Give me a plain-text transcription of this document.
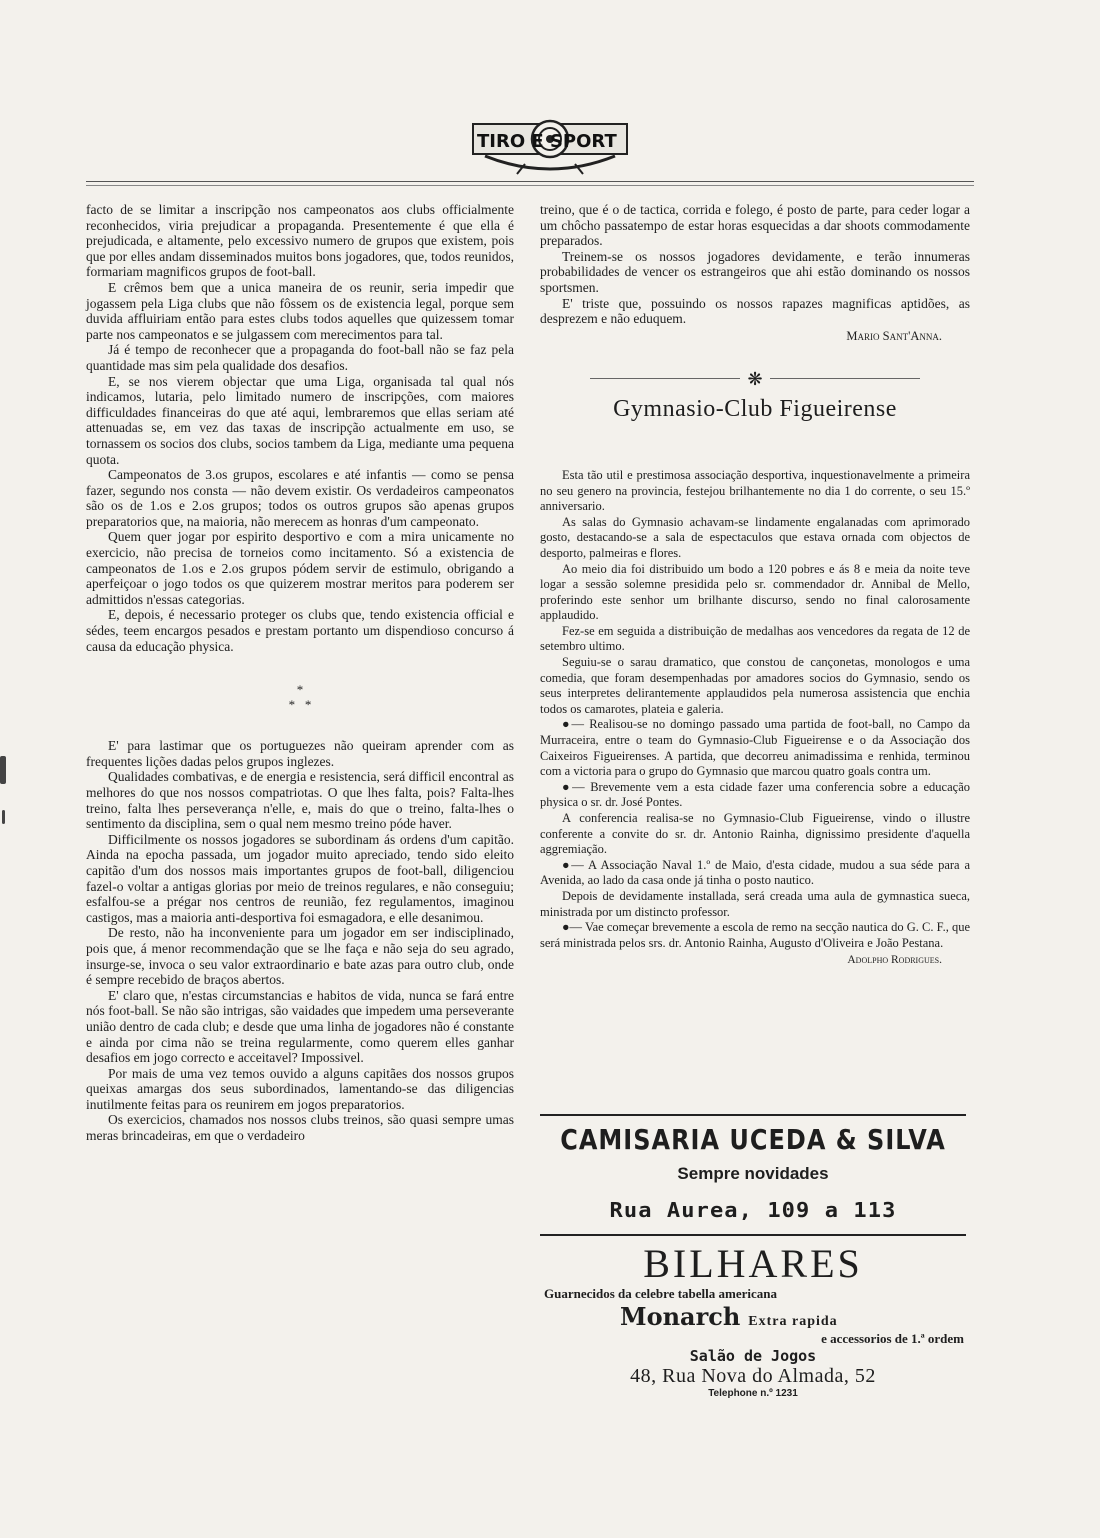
TIRO E SPORT

facto de se limitar a inscripção nos campeonatos aos clubs officialmente reconhecidos, viria prejudicar a propaganda. Presentemente é que ella é prejudicada, e altamente, pelo excessivo numero de grupos que existem, pois que por elles andam disseminados muitos bons jogadores, que, todos reunidos, formariam magnificos grupos de foot-ball.

E crêmos bem que a unica maneira de os reunir, seria impedir que jogassem pela Liga clubs que não fôssem os de existencia legal, porque sem duvida affluiriam então para estes clubs todos aquelles que quizessem tomar parte nos campeonatos e se julgassem com merecimentos para tal.

Já é tempo de reconhecer que a propaganda do foot-ball não se faz pela quantidade mas sim pela qualidade dos desafios.

E, se nos vierem objectar que uma Liga, organisada tal qual nós indicamos, lutaria, pelo limitado numero de inscripções, com maiores difficuldades financeiras do que até aqui, lembraremos que ellas seriam até attenuadas se, em vez das taxas de inscripção actualmente em uso, se tornassem os socios dos clubs, socios tambem da Liga, mediante uma pequena quota.

Campeonatos de 3.os grupos, escolares e até infantis — como se pensa fazer, segundo nos consta — não devem existir. Os verdadeiros campeonatos são os de 1.os e 2.os grupos; todos os outros grupos são apenas grupos preparatorios que, na maioria, não merecem as honras d'um campeonato.

Quem quer jogar por espirito desportivo e com a mira unicamente no exercicio, não precisa de torneios como incitamento. Só a existencia de campeonatos de 1.os e 2.os grupos pódem servir de estimulo, obrigando a aperfeiçoar o jogo todos os que quizerem mostrar meritos para poderem ser admittidos n'essas categorias.

E, depois, é necessario proteger os clubs que, tendo existencia official e sédes, teem encargos pesados e prestam portanto um dispendioso concurso á causa da educação physica.

*
*   *

E' para lastimar que os portuguezes não queiram aprender com as frequentes lições dadas pelos grupos inglezes.

Qualidades combativas, e de energia e resistencia, será difficil encontral as melhores do que nos nossos compatriotas. O que lhes falta, pois? Falta-lhes treino, falta lhes perseverança n'elle, e, mais do que o treino, falta-lhes o sentimento da disciplina, sem o qual nem mesmo treino póde haver.

Difficilmente os nossos jogadores se subordinam ás ordens d'um capitão. Ainda na epocha passada, um jogador muito apreciado, tendo sido eleito capitão d'um dos nossos mais importantes grupos de foot-ball, diligenciou fazel-o voltar a antigas glorias por meio de treinos regulares, e não conseguiu; esfalfou-se a prégar nos centros de reunião, fez regulamentos, imaginou castigos, mas a maioria anti-desportiva foi esmagadora, e elle desanimou.

De resto, não ha inconveniente para um jogador em ser indisciplinado, pois que, á menor recommendação que se lhe faça e não seja do seu agrado, insurge-se, invoca o seu valor extraordinario e bate azas para outro club, onde é sempre recebido de braços abertos.

E' claro que, n'estas circumstancias e habitos de vida, nunca se fará entre nós foot-ball. Se não são intrigas, são vaidades que impedem uma perseverante união dentro de cada club; e desde que uma linha de jogadores não é constante e ainda por cima não se treina regularmente, como querem elles ganhar desafios em jogo correcto e acceitavel? Impossivel.

Por mais de uma vez temos ouvido a alguns capitães dos nossos grupos queixas amargas dos seus subordinados, lamentando-se das diligencias inutilmente feitas para os reunirem em jogos preparatorios.

Os exercicios, chamados nos nossos clubs treinos, são quasi sempre umas meras brincadeiras, em que o verdadeiro

treino, que é o de tactica, corrida e folego, é posto de parte, para ceder logar a um chôcho passatempo de estar horas esquecidas a dar shoots commodamente preparados.

Treinem-se os nossos jogadores devidamente, e terão innumeras probabilidades de vencer os estrangeiros que ahi estão dominando os nossos sportsmen.

E' triste que, possuindo os nossos rapazes magnificas aptidões, as desprezem e não eduquem.

Mario Sant'Anna.
❋
Gymnasio-Club Figueirense

Esta tão util e prestimosa associação desportiva, inquestionavelmente a primeira no seu genero na provincia, festejou brilhantemente no dia 1 do corrente, o seu 15.º anniversario.

As salas do Gymnasio achavam-se lindamente engalanadas com aprimorado gosto, destacando-se a sala de espectaculos que estava ornada com objectos de desporto, palmeiras e flores.

Ao meio dia foi distribuido um bodo a 120 pobres e ás 8 e meia da noite teve logar a sessão solemne presidida pelo sr. commendador dr. Annibal de Mello, proferindo este senhor um brilhante discurso, sendo no final calorosamente applaudido.

Fez-se em seguida a distribuição de medalhas aos vencedores da regata de 12 de setembro ultimo.

Seguiu-se o sarau dramatico, que constou de cançonetas, monologos e uma comedia, que foram desempenhadas por amadores socios do Gymnasio, sendo os seus interpretes delirantemente applaudidos pela numerosa assistencia que enchia todos os camarotes, plateia e galeria.

●— Realisou-se no domingo passado uma partida de foot-ball, no Campo da Murraceira, entre o team do Gymnasio-Club Figueirense e o da Associação dos Caixeiros Figueirenses. A partida, que decorreu animadissima e renhida, terminou com a victoria para o grupo do Gymnasio que marcou quatro goals contra um.

●— Brevemente vem a esta cidade fazer uma conferencia sobre a educação physica o sr. dr. José Pontes.

A conferencia realisa-se no Gymnasio-Club Figueirense, vindo o illustre conferente a convite do sr. dr. Antonio Rainha, dignissimo presidente d'aquella aggremiação.

●— A Associação Naval 1.º de Maio, d'esta cidade, mudou a sua séde para a Avenida, ao lado da casa onde já tinha o posto nautico.

Depois de devidamente installada, será creada uma aula de gymnastica sueca, ministrada por um distincto professor.

●— Vae começar brevemente a escola de remo na secção nautica do G. C. F., que será ministrada pelos srs. dr. Antonio Rainha, Augusto d'Oliveira e João Pestana.

Adolpho Rodrigues.
CAMISARIA UCEDA & SILVA
Sempre novidades
Rua Aurea, 109 a 113
BILHARES
Guarnecidos da celebre tabella americana
Monarch Extra rapida
e accessorios de 1.ª ordem
Salão de Jogos
48, Rua Nova do Almada, 52
Telephone n.º 1231
